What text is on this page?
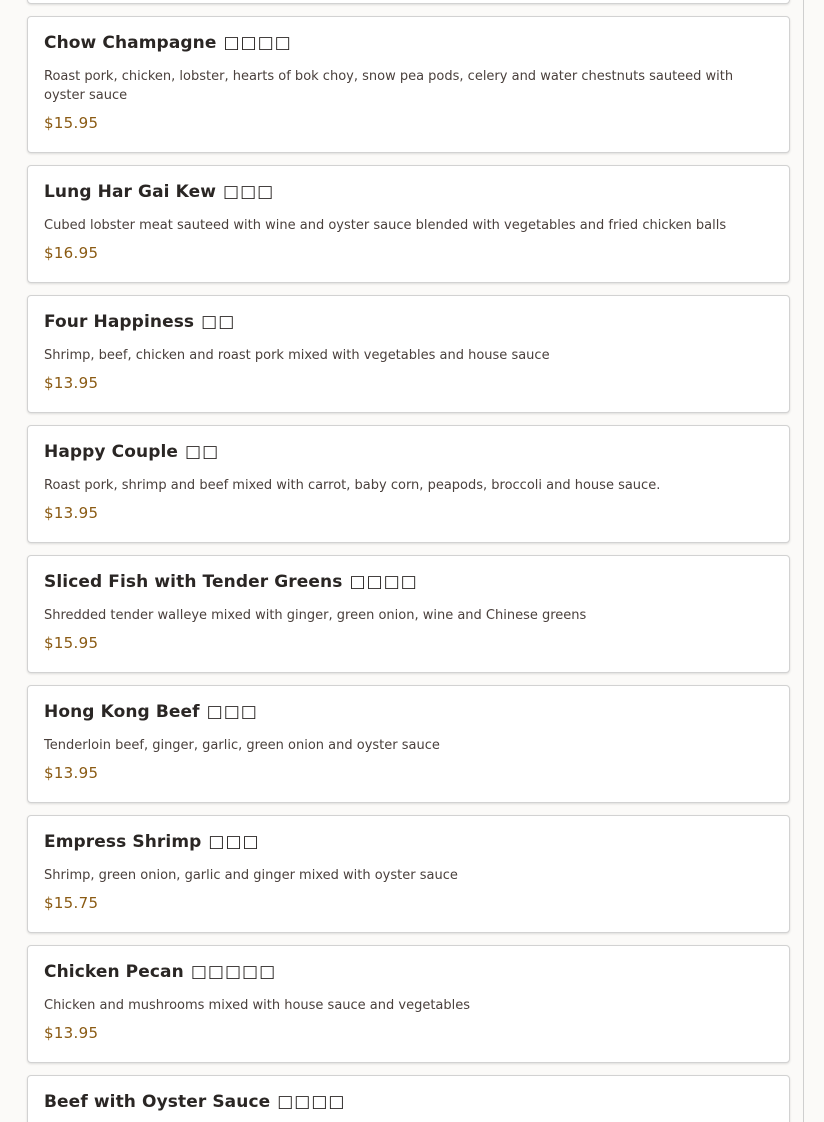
Chow Champagne □□□□
Roast pork, chicken, lobster, hearts of bok choy, snow pea pods, celery and water chestnuts sauteed with oyster sauce
$15.95
Lung Har Gai Kew □□□
Cubed lobster meat sauteed with wine and oyster sauce blended with vegetables and fried chicken balls
$16.95
Four Happiness □□
Shrimp, beef, chicken and roast pork mixed with vegetables and house sauce
$13.95
Happy Couple □□
Roast pork, shrimp and beef mixed with carrot, baby corn, peapods, broccoli and house sauce.
$13.95
Sliced Fish with Tender Greens □□□□
Shredded tender walleye mixed with ginger, green onion, wine and Chinese greens
$15.95
Hong Kong Beef □□□
Tenderloin beef, ginger, garlic, green onion and oyster sauce
$13.95
Empress Shrimp □□□
Shrimp, green onion, garlic and ginger mixed with oyster sauce
$15.75
Chicken Pecan □□□□□
Chicken and mushrooms mixed with house sauce and vegetables
$13.95
Beef with Oyster Sauce □□□□
